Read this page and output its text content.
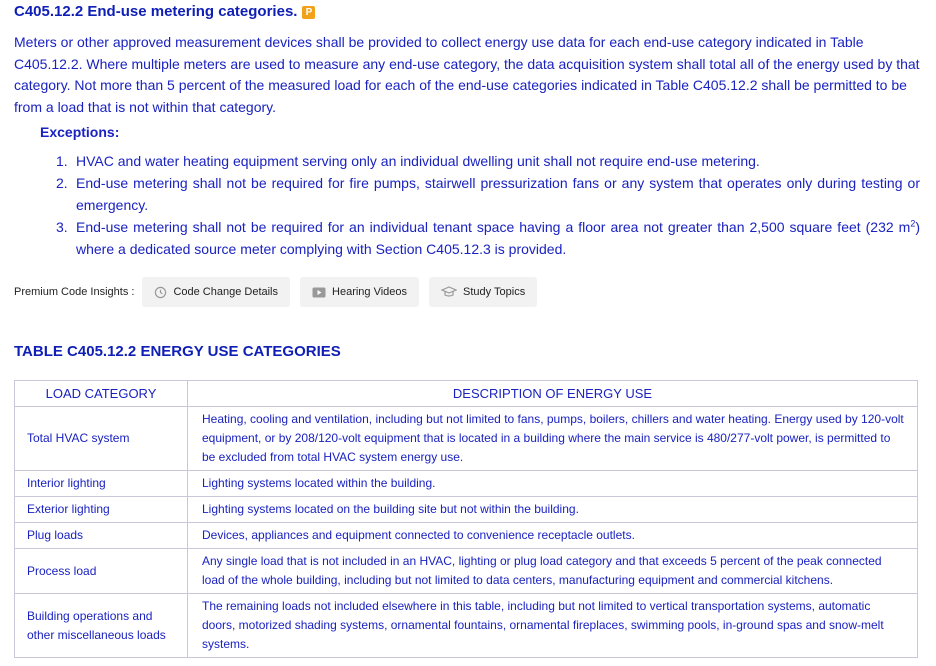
C405.12.2 End-use metering categories. P

Meters or other approved measurement devices shall be provided to collect energy use data for each end-use category indicated in Table C405.12.2. Where multiple meters are used to measure any end-use category, the data acquisition system shall total all of the energy used by that category. Not more than 5 percent of the measured load for each of the end-use categories indicated in Table C405.12.2 shall be permitted to be from a load that is not within that category.

Exceptions:
1. HVAC and water heating equipment serving only an individual dwelling unit shall not require end-use metering.
2. End-use metering shall not be required for fire pumps, stairwell pressurization fans or any system that operates only during testing or emergency.
3. End-use metering shall not be required for an individual tenant space having a floor area not greater than 2,500 square feet (232 $m^2$) where a dedicated source meter complying with Section C405.12.3 is provided.
Premium Code Insights :	Code Change Details	Hearing Videos	Study Topics
TABLE C405.12.2 ENERGY USE CATEGORIES
LOAD CATEGORY	DESCRIPTION OF ENERGY USE
Total HVAC system	Heating, cooling and ventilation, including but not limited to fans, pumps, boilers, chillers and water heating. Energy used by 120-volt equipment, or by 208/120-volt equipment that is located in a building where the main service is 480/277-volt power, is permitted to be excluded from total HVAC system energy use.
Interior lighting	Lighting systems located within the building.
Exterior lighting	Lighting systems located on the building site but not within the building.
Plug loads	Devices, appliances and equipment connected to convenience receptacle outlets.
Process load	Any single load that is not included in an HVAC, lighting or plug load category and that exceeds 5 percent of the peak connected load of the whole building, including but not limited to data centers, manufacturing equipment and commercial kitchens.
Building operations and other miscellaneous loads	The remaining loads not included elsewhere in this table, including but not limited to vertical transportation systems, automatic doors, motorized shading systems, ornamental fountains, ornamental fireplaces, swimming pools, in-ground spas and snow-melt systems.
